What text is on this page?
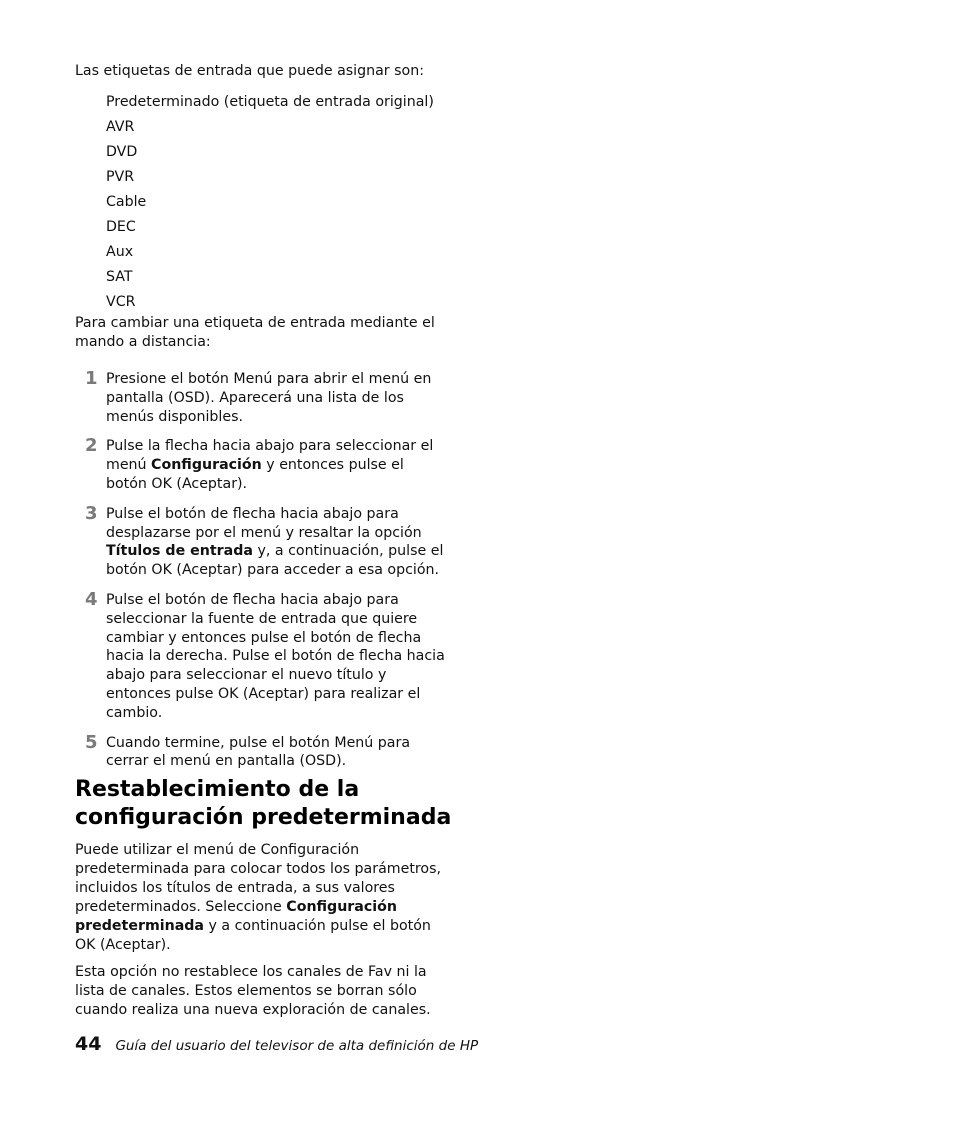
Las etiquetas de entrada que puede asignar son:

Predeterminado (etiqueta de entrada original)
AVR
DVD
PVR
Cable
DEC
Aux
SAT
VCR

Para cambiar una etiqueta de entrada mediante el mando a distancia:

1 Presione el botón Menú para abrir el menú en pantalla (OSD). Aparecerá una lista de los menús disponibles.
2 Pulse la flecha hacia abajo para seleccionar el menú Configuración y entonces pulse el botón OK (Aceptar).
3 Pulse el botón de flecha hacia abajo para desplazarse por el menú y resaltar la opción Títulos de entrada y, a continuación, pulse el botón OK (Aceptar) para acceder a esa opción.
4 Pulse el botón de flecha hacia abajo para seleccionar la fuente de entrada que quiere cambiar y entonces pulse el botón de flecha hacia la derecha. Pulse el botón de flecha hacia abajo para seleccionar el nuevo título y entonces pulse OK (Aceptar) para realizar el cambio.
5 Cuando termine, pulse el botón Menú para cerrar el menú en pantalla (OSD).
Restablecimiento de la configuración predeterminada

Puede utilizar el menú de Configuración predeterminada para colocar todos los parámetros, incluidos los títulos de entrada, a sus valores predeterminados. Seleccione Configuración predeterminada y a continuación pulse el botón OK (Aceptar).

Esta opción no restablece los canales de Fav ni la lista de canales. Estos elementos se borran sólo cuando realiza una nueva exploración de canales.

44 Guía del usuario del televisor de alta definición de HP
